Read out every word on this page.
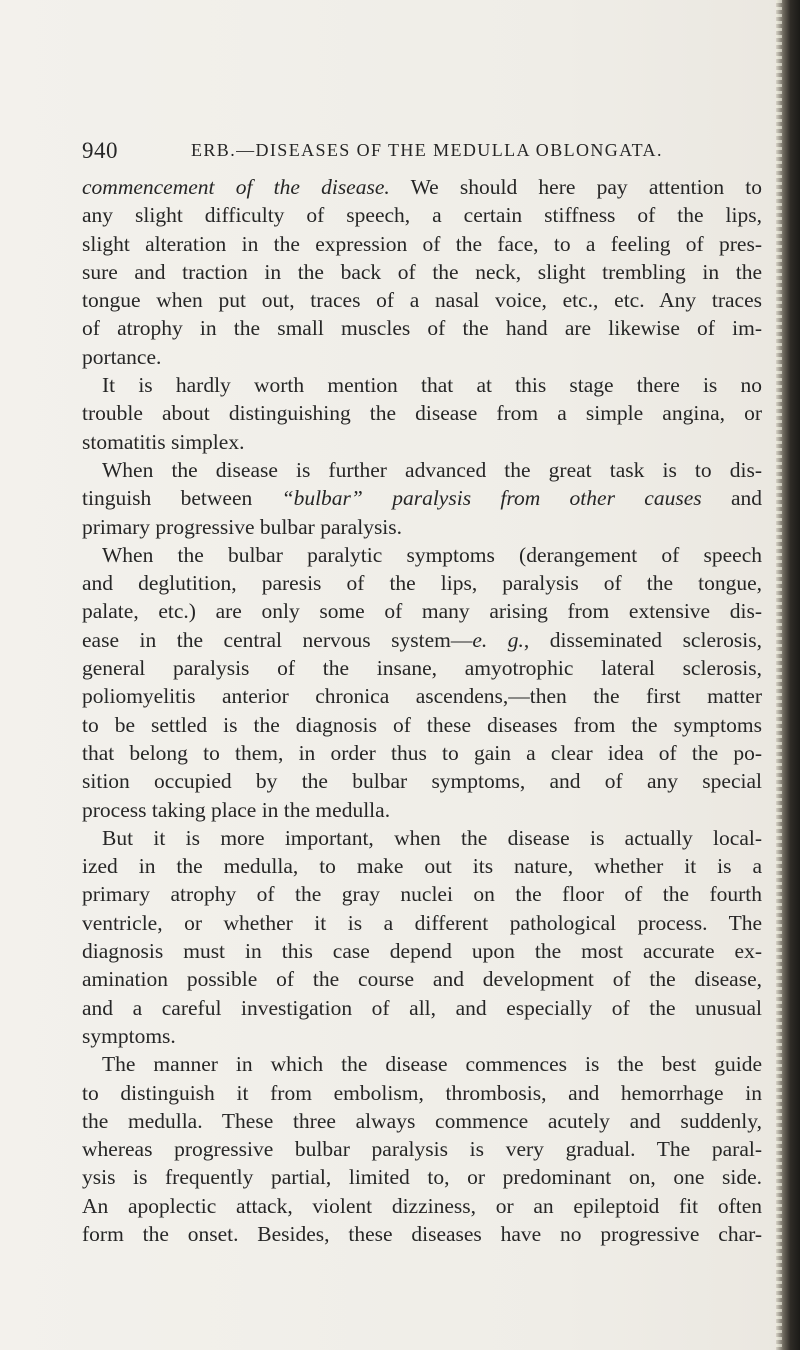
940	ERB.—DISEASES OF THE MEDULLA OBLONGATA.
commencement of the disease. We should here pay attention to
any slight difficulty of speech, a certain stiffness of the lips,
slight alteration in the expression of the face, to a feeling of pres-
sure and traction in the back of the neck, slight trembling in the
tongue when put out, traces of a nasal voice, etc., etc. Any traces
of atrophy in the small muscles of the hand are likewise of im-
portance.
It is hardly worth mention that at this stage there is no
trouble about distinguishing the disease from a simple angina, or
stomatitis simplex.
When the disease is further advanced the great task is to dis-
tinguish between “bulbar” paralysis from other causes and
primary progressive bulbar paralysis.
When the bulbar paralytic symptoms (derangement of speech
and deglutition, paresis of the lips, paralysis of the tongue,
palate, etc.) are only some of many arising from extensive dis-
ease in the central nervous system—e. g., disseminated sclerosis,
general paralysis of the insane, amyotrophic lateral sclerosis,
poliomyelitis anterior chronica ascendens,—then the first matter
to be settled is the diagnosis of these diseases from the symptoms
that belong to them, in order thus to gain a clear idea of the po-
sition occupied by the bulbar symptoms, and of any special
process taking place in the medulla.
But it is more important, when the disease is actually local-
ized in the medulla, to make out its nature, whether it is a
primary atrophy of the gray nuclei on the floor of the fourth
ventricle, or whether it is a different pathological process. The
diagnosis must in this case depend upon the most accurate ex-
amination possible of the course and development of the disease,
and a careful investigation of all, and especially of the unusual
symptoms.
The manner in which the disease commences is the best guide
to distinguish it from embolism, thrombosis, and hemorrhage in
the medulla. These three always commence acutely and suddenly,
whereas progressive bulbar paralysis is very gradual. The paral-
ysis is frequently partial, limited to, or predominant on, one side.
An apoplectic attack, violent dizziness, or an epileptoid fit often
form the onset. Besides, these diseases have no progressive char-
